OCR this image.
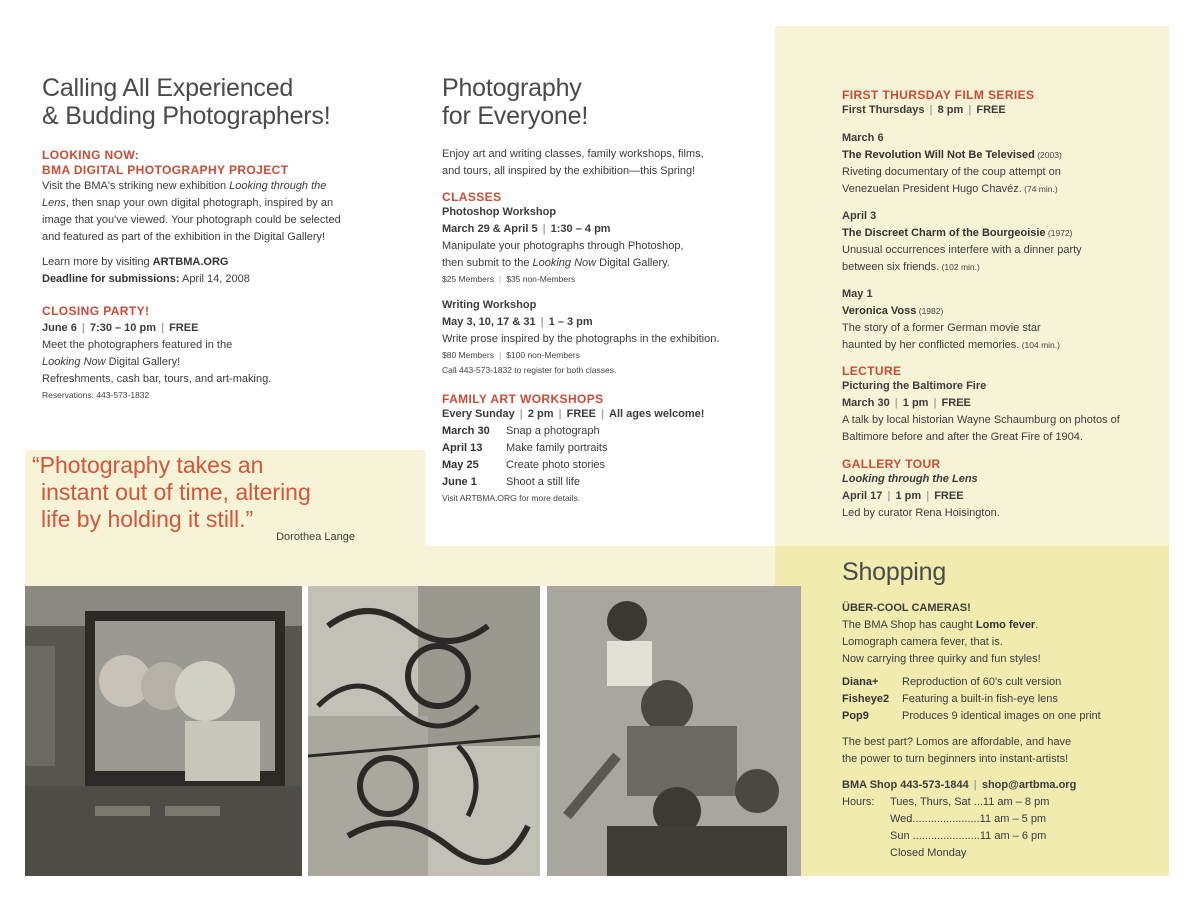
Calling All Experienced
& Budding Photographers!
LOOKING NOW:
BMA DIGITAL PHOTOGRAPHY PROJECT
Visit the BMA's striking new exhibition Looking through the
Lens, then snap your own digital photograph, inspired by an
image that you've viewed. Your photograph could be selected
and featured as part of the exhibition in the Digital Gallery!
Learn more by visiting ARTBMA.ORG
Deadline for submissions: April 14, 2008
CLOSING PARTY!
June 6 | 7:30 – 10 pm | FREE
Meet the photographers featured in the
Looking Now Digital Gallery!
Refreshments, cash bar, tours, and art-making.
Reservations: 443-573-1832
“Photography takes an
instant out of time, altering
life by holding it still.”
Dorothea Lange
Photography
for Everyone!
Enjoy art and writing classes, family workshops, films,
and tours, all inspired by the exhibition—this Spring!
CLASSES
Photoshop Workshop
March 29 & April 5 | 1:30 – 4 pm
Manipulate your photographs through Photoshop,
then submit to the Looking Now Digital Gallery.
$25 Members | $35 non-Members
Writing Workshop
May 3, 10, 17 & 31 | 1 – 3 pm
Write prose inspired by the photographs in the exhibition.
$80 Members | $100 non-Members
Call 443-573-1832 to register for both classes.
FAMILY ART WORKSHOPS
Every Sunday | 2 pm | FREE | All ages welcome!
March 30	Snap a photograph
April 13	Make family portraits
May 25	Create photo stories
June 1	Shoot a still life
Visit ARTBMA.ORG for more details.
FIRST THURSDAY FILM SERIES
First Thursdays | 8 pm | FREE
March 6
The Revolution Will Not Be Televised (2003)
Riveting documentary of the coup attempt on
Venezuelan President Hugo Chavéz. (74 min.)
April 3
The Discreet Charm of the Bourgeoisie (1972)
Unusual occurrences interfere with a dinner party
between six friends. (102 min.)
May 1
Veronica Voss (1982)
The story of a former German movie star
haunted by her conflicted memories. (104 min.)
LECTURE
Picturing the Baltimore Fire
March 30 | 1 pm | FREE
A talk by local historian Wayne Schaumburg on photos of
Baltimore before and after the Great Fire of 1904.
GALLERY TOUR
Looking through the Lens
April 17 | 1 pm | FREE
Led by curator Rena Hoisington.
Shopping
ÜBER-COOL CAMERAS!
The BMA Shop has caught Lomo fever.
Lomograph camera fever, that is.
Now carrying three quirky and fun styles!
Diana+	Reproduction of 60's cult version
Fisheye2	Featuring a built-in fish-eye lens
Pop9	Produces 9 identical images on one print
The best part? Lomos are affordable, and have
the power to turn beginners into instant-artists!
BMA Shop 443-573-1844 | shop@artbma.org
Hours:	Tues, Thurs, Sat ...11 am – 8 pm
Wed......................11 am – 5 pm
Sun ......................11 am – 6 pm
Closed Monday
